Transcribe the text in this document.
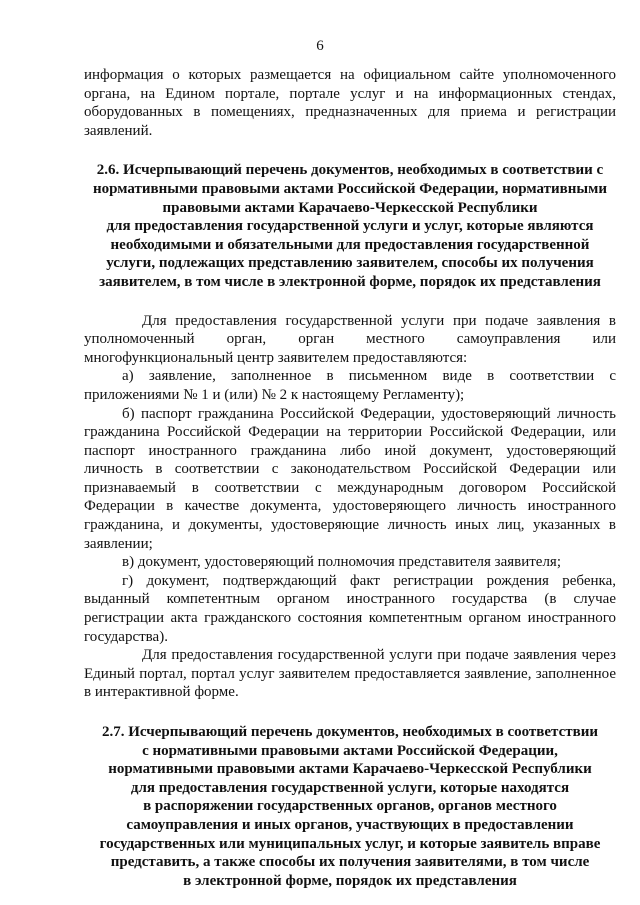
6

информация о которых размещается на официальном сайте уполномоченного органа, на Едином портале, портале услуг и на информационных стендах, оборудованных в помещениях, предназначенных для приема и регистрации заявлений.

2.6. Исчерпывающий перечень документов, необходимых в соответствии с
нормативными правовыми актами Российской Федерации, нормативными
правовыми актами Карачаево-Черкесской Республики
для предоставления государственной услуги и услуг, которые являются
необходимыми и обязательными для предоставления государственной
услуги, подлежащих представлению заявителем, способы их получения
заявителем, в том числе в электронной форме, порядок их представления

Для предоставления государственной услуги при подаче заявления в уполномоченный орган, орган местного самоуправления или многофункциональный центр заявителем предоставляются:

а) заявление, заполненное в письменном виде в соответствии с приложениями № 1 и (или) № 2 к настоящему Регламенту);

б) паспорт гражданина Российской Федерации, удостоверяющий личность гражданина Российской Федерации на территории Российской Федерации, или паспорт иностранного гражданина либо иной документ, удостоверяющий личность в соответствии с законодательством Российской Федерации или признаваемый в соответствии с международным договором Российской Федерации в качестве документа, удостоверяющего личность иностранного гражданина, и документы, удостоверяющие личность иных лиц, указанных в заявлении;

в) документ, удостоверяющий полномочия представителя заявителя;

г) документ, подтверждающий факт регистрации рождения ребенка, выданный компетентным органом иностранного государства (в случае регистрации акта гражданского состояния компетентным органом иностранного государства).

Для предоставления государственной услуги при подаче заявления через Единый портал, портал услуг заявителем предоставляется заявление, заполненное в интерактивной форме.

2.7. Исчерпывающий перечень документов, необходимых в соответствии
с нормативными правовыми актами Российской Федерации,
нормативными правовыми актами Карачаево-Черкесской Республики
для предоставления государственной услуги, которые находятся
в распоряжении государственных органов, органов местного
самоуправления и иных органов, участвующих в предоставлении
государственных или муниципальных услуг, и которые заявитель вправе
представить, а также способы их получения заявителями, в том числе
в электронной форме, порядок их представления
